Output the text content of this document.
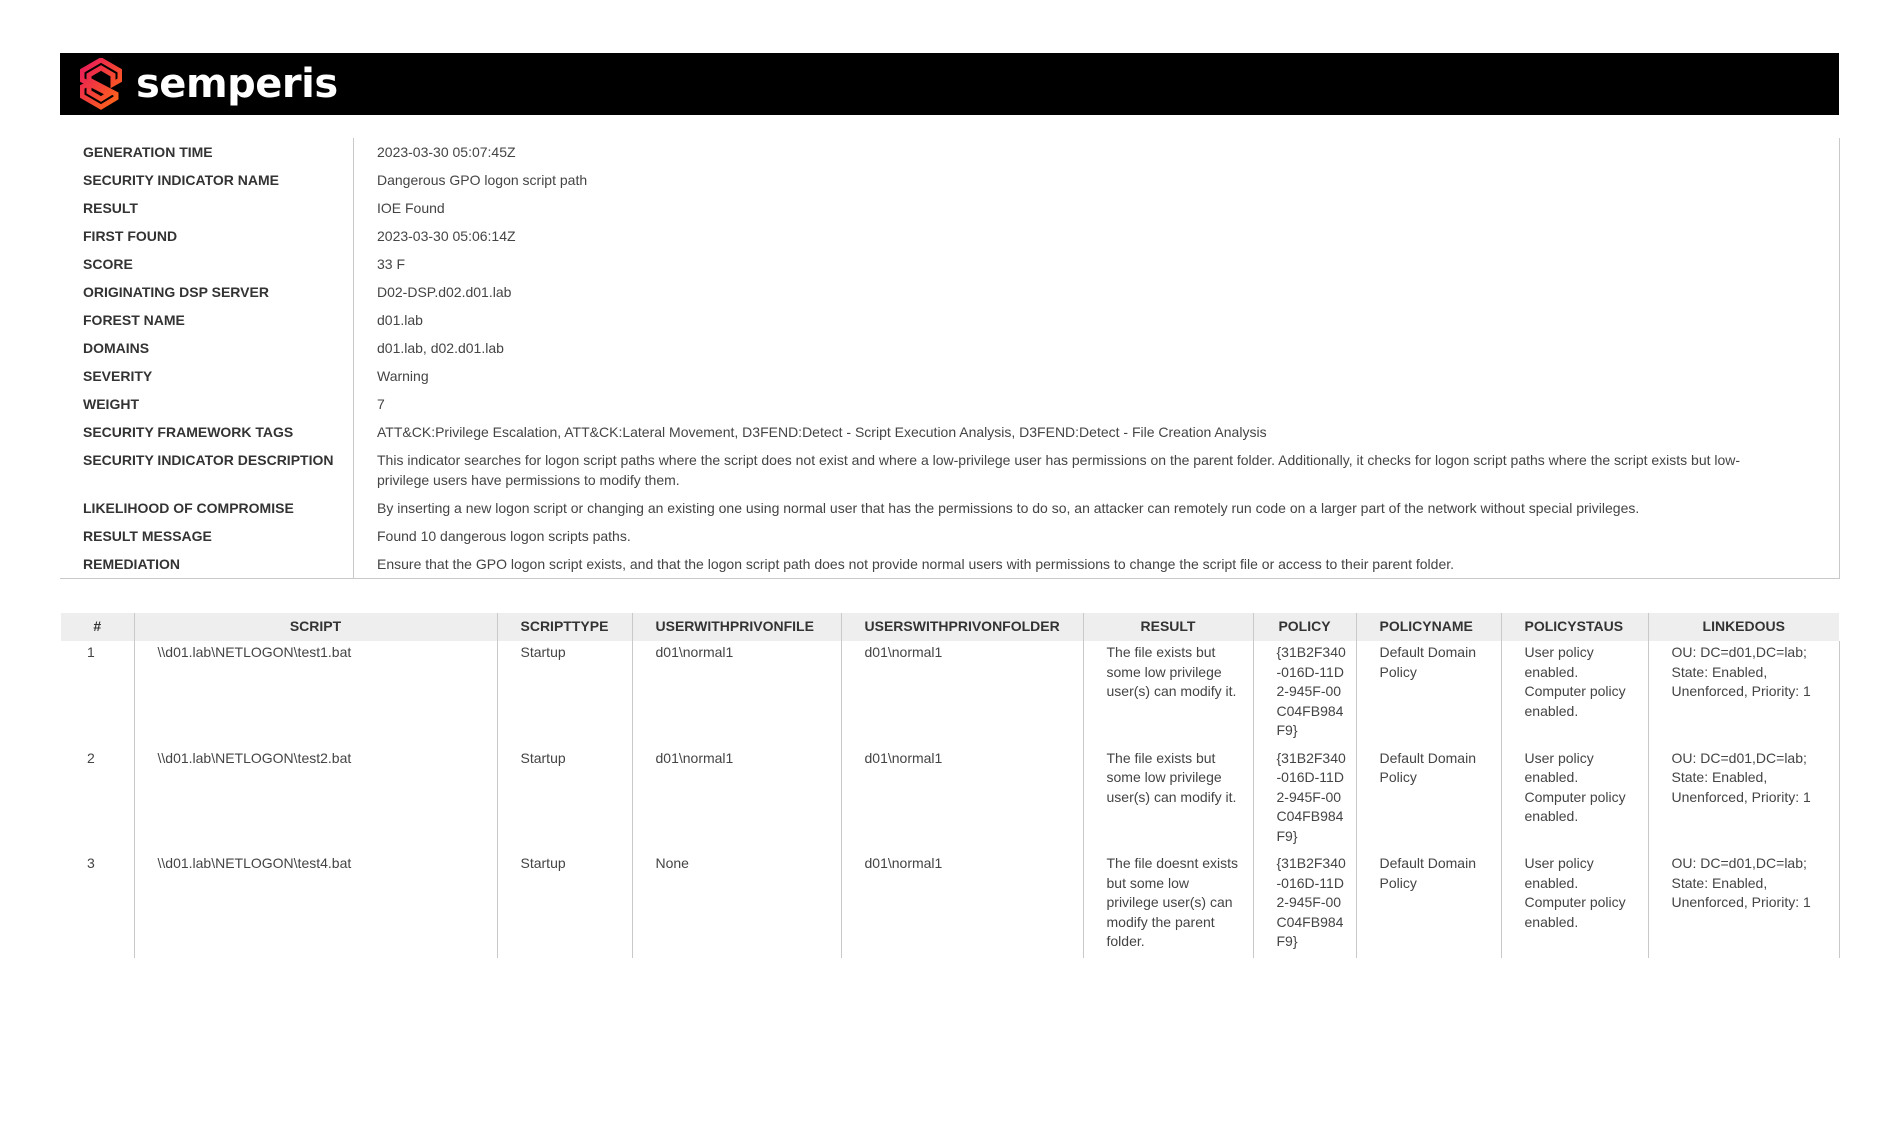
semperis
GENERATION TIME	2023-03-30 05:07:45Z
SECURITY INDICATOR NAME	Dangerous GPO logon script path
RESULT	IOE Found
FIRST FOUND	2023-03-30 05:06:14Z
SCORE	33 F
ORIGINATING DSP SERVER	D02-DSP.d02.d01.lab
FOREST NAME	d01.lab
DOMAINS	d01.lab, d02.d01.lab
SEVERITY	Warning
WEIGHT	7
SECURITY FRAMEWORK TAGS	ATT&CK:Privilege Escalation, ATT&CK:Lateral Movement, D3FEND:Detect - Script Execution Analysis, D3FEND:Detect - File Creation Analysis
SECURITY INDICATOR DESCRIPTION	This indicator searches for logon script paths where the script does not exist and where a low-privilege user has permissions on the parent folder. Additionally, it checks for logon script paths where the script exists but low-privilege users have permissions to modify them.
LIKELIHOOD OF COMPROMISE	By inserting a new logon script or changing an existing one using normal user that has the permissions to do so, an attacker can remotely run code on a larger part of the network without special privileges.
RESULT MESSAGE	Found 10 dangerous logon scripts paths.
REMEDIATION	Ensure that the GPO logon script exists, and that the logon script path does not provide normal users with permissions to change the script file or access to their parent folder.
#	SCRIPT	SCRIPTTYPE	USERWITHPRIVONFILE	USERSWITHPRIVONFOLDER	RESULT	POLICY	POLICYNAME	POLICYSTAUS	LINKEDOUS
1	\\d01.lab\NETLOGON\test1.bat	Startup	d01\normal1	d01\normal1	The file exists but some low privilege user(s) can modify it.	{31B2F340-016D-11D2-945F-00C04FB984F9}	Default Domain Policy	User policy enabled. Computer policy enabled.	OU: DC=d01,DC=lab; State: Enabled, Unenforced, Priority: 1
2	\\d01.lab\NETLOGON\test2.bat	Startup	d01\normal1	d01\normal1	The file exists but some low privilege user(s) can modify it.	{31B2F340-016D-11D2-945F-00C04FB984F9}	Default Domain Policy	User policy enabled. Computer policy enabled.	OU: DC=d01,DC=lab; State: Enabled, Unenforced, Priority: 1
3	\\d01.lab\NETLOGON\test4.bat	Startup	None	d01\normal1	The file doesnt exists but some low privilege user(s) can modify the parent folder.	{31B2F340-016D-11D2-945F-00C04FB984F9}	Default Domain Policy	User policy enabled. Computer policy enabled.	OU: DC=d01,DC=lab; State: Enabled, Unenforced, Priority: 1
